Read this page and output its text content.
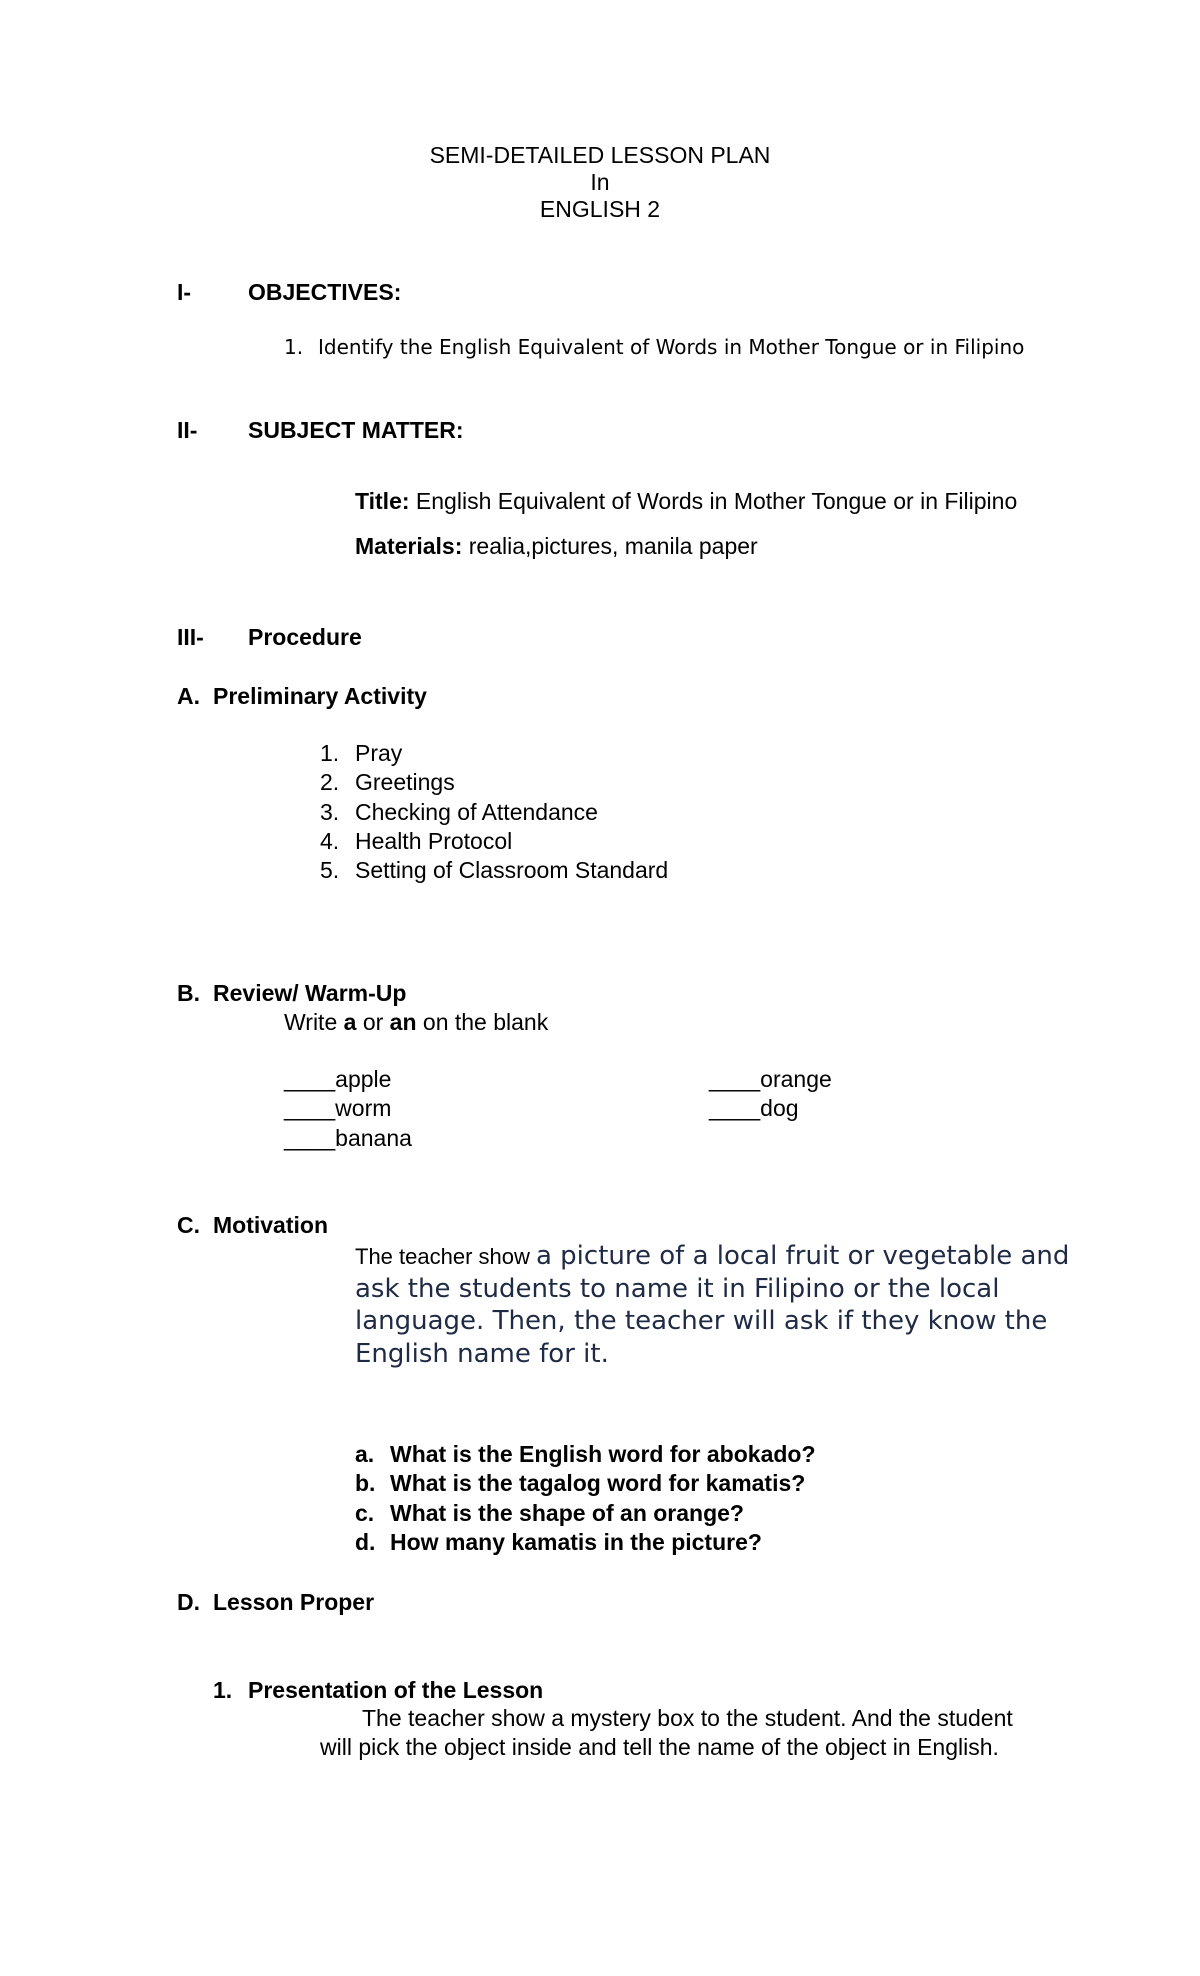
SEMI-DETAILED LESSON PLAN
In
ENGLISH 2
I- OBJECTIVES:
1. Identify the English Equivalent of Words in Mother Tongue or in Filipino
II- SUBJECT MATTER:
Title: English Equivalent of Words in Mother Tongue or in Filipino
Materials: realia,pictures, manila paper
III- Procedure
A. Preliminary Activity
1. Pray
2. Greetings
3. Checking of Attendance
4. Health Protocol
5. Setting of Classroom Standard
B. Review/ Warm-Up
Write a or an on the blank
____apple
____worm
____banana
____orange
____dog
C. Motivation
The teacher show a picture of a local fruit or vegetable and ask the students to name it in Filipino or the local language. Then, the teacher will ask if they know the English name for it.
a. What is the English word for abokado?
b. What is the tagalog word for kamatis?
c. What is the shape of an orange?
d. How many kamatis in the picture?
D. Lesson Proper
1. Presentation of the Lesson
The teacher show a mystery box to the student. And the student
will pick the object inside and tell the name of the object in English.
